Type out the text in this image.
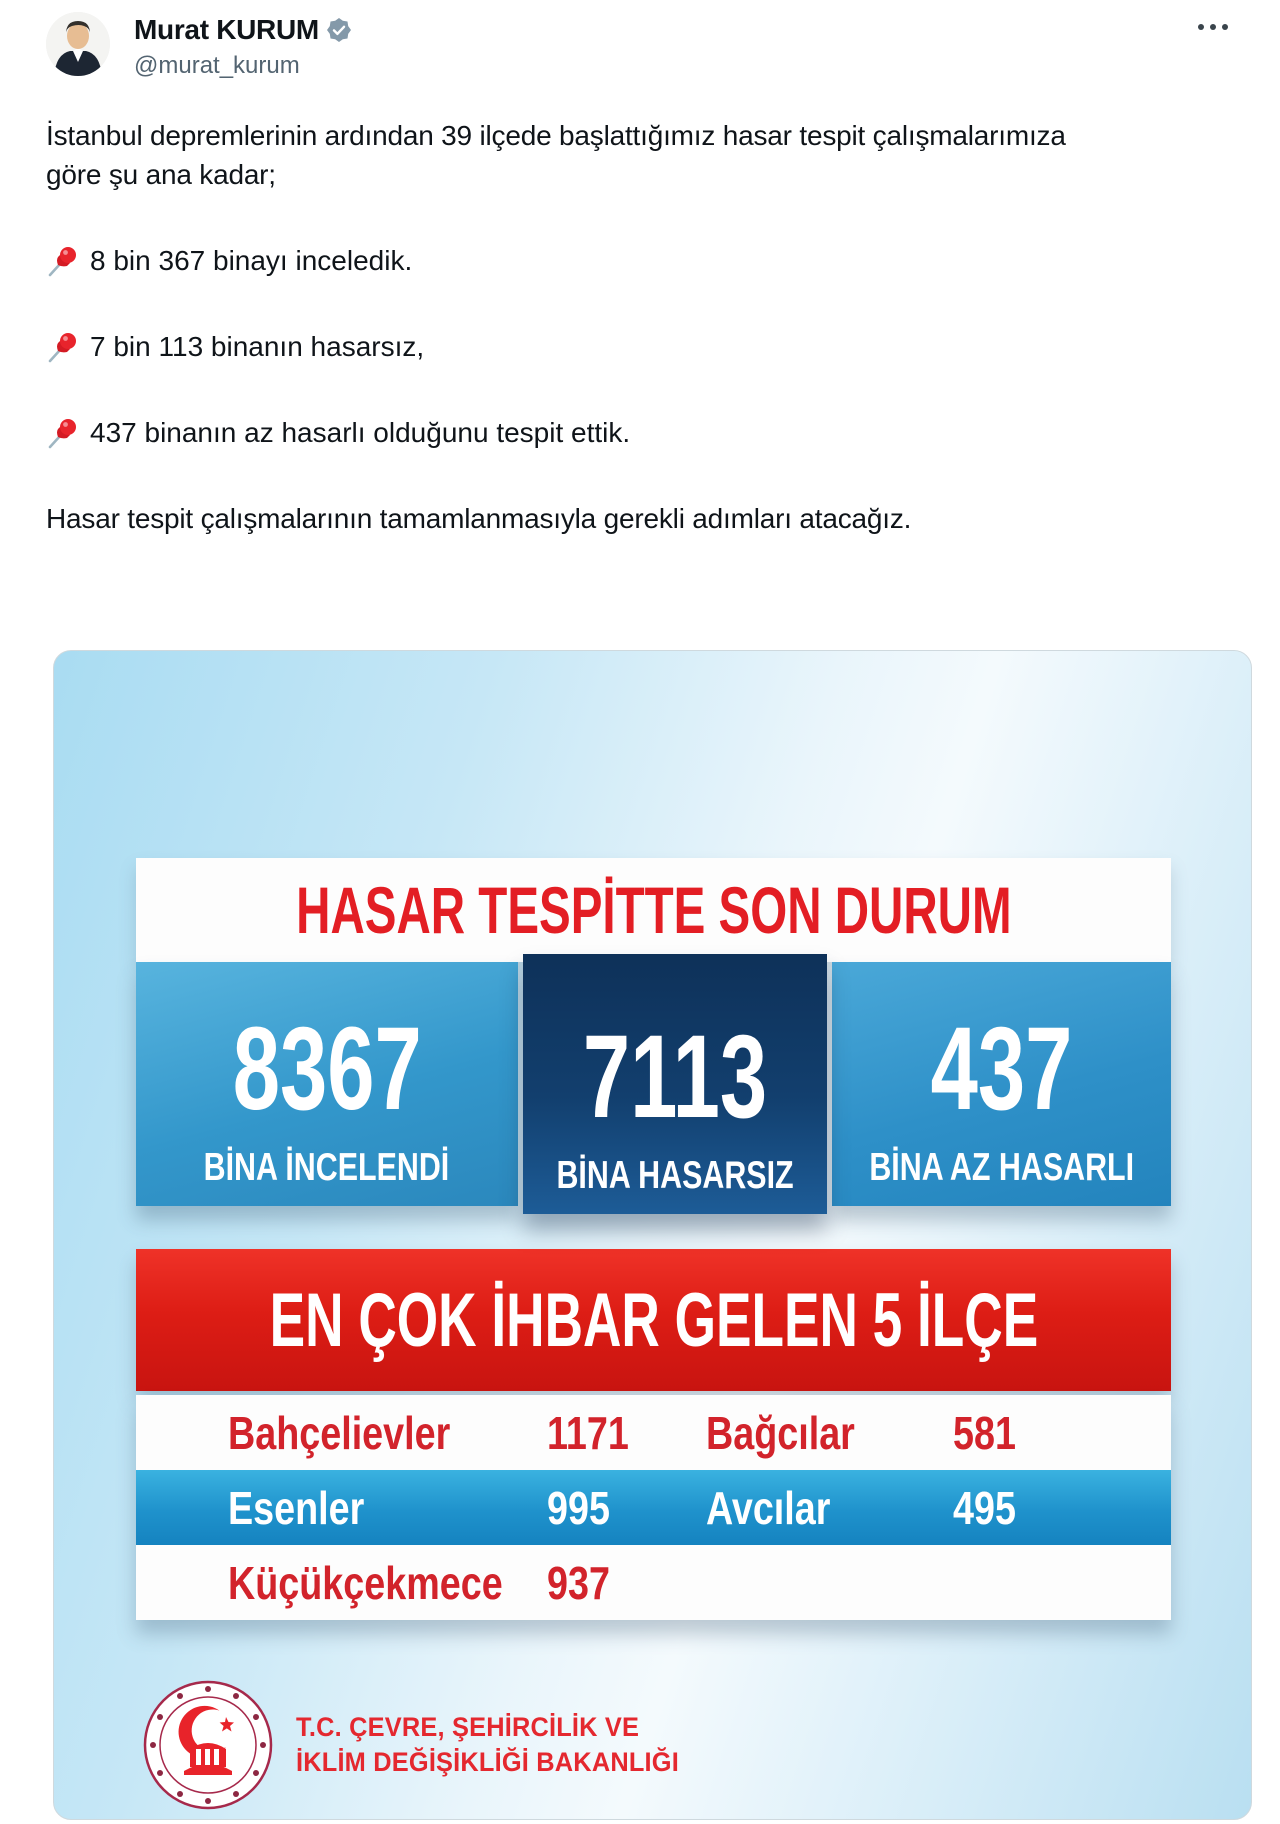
Murat KURUM
@murat_kurum

İstanbul depremlerinin ardından 39 ilçede başlattığımız hasar tespit çalışmalarımıza göre şu ana kadar;

8 bin 367 binayı inceledik.
7 bin 113 binanın hasarsız,
437 binanın az hasarlı olduğunu tespit ettik.

Hasar tespit çalışmalarının tamamlanmasıyla gerekli adımları atacağız.

HASAR TESPİTTE SON DURUM
8367
BİNA İNCELENDİ
7113
BİNA HASARSIZ
437
BİNA AZ HASARLI
EN ÇOK İHBAR GELEN 5 İLÇE
Bahçelievler	1171	Bağcılar	581
Esenler	995	Avcılar	495
Küçükçekmece 937
T.C. ÇEVRE, ŞEHİRCİLİK VE
İKLİM DEĞİŞİKLİĞİ BAKANLIĞI
